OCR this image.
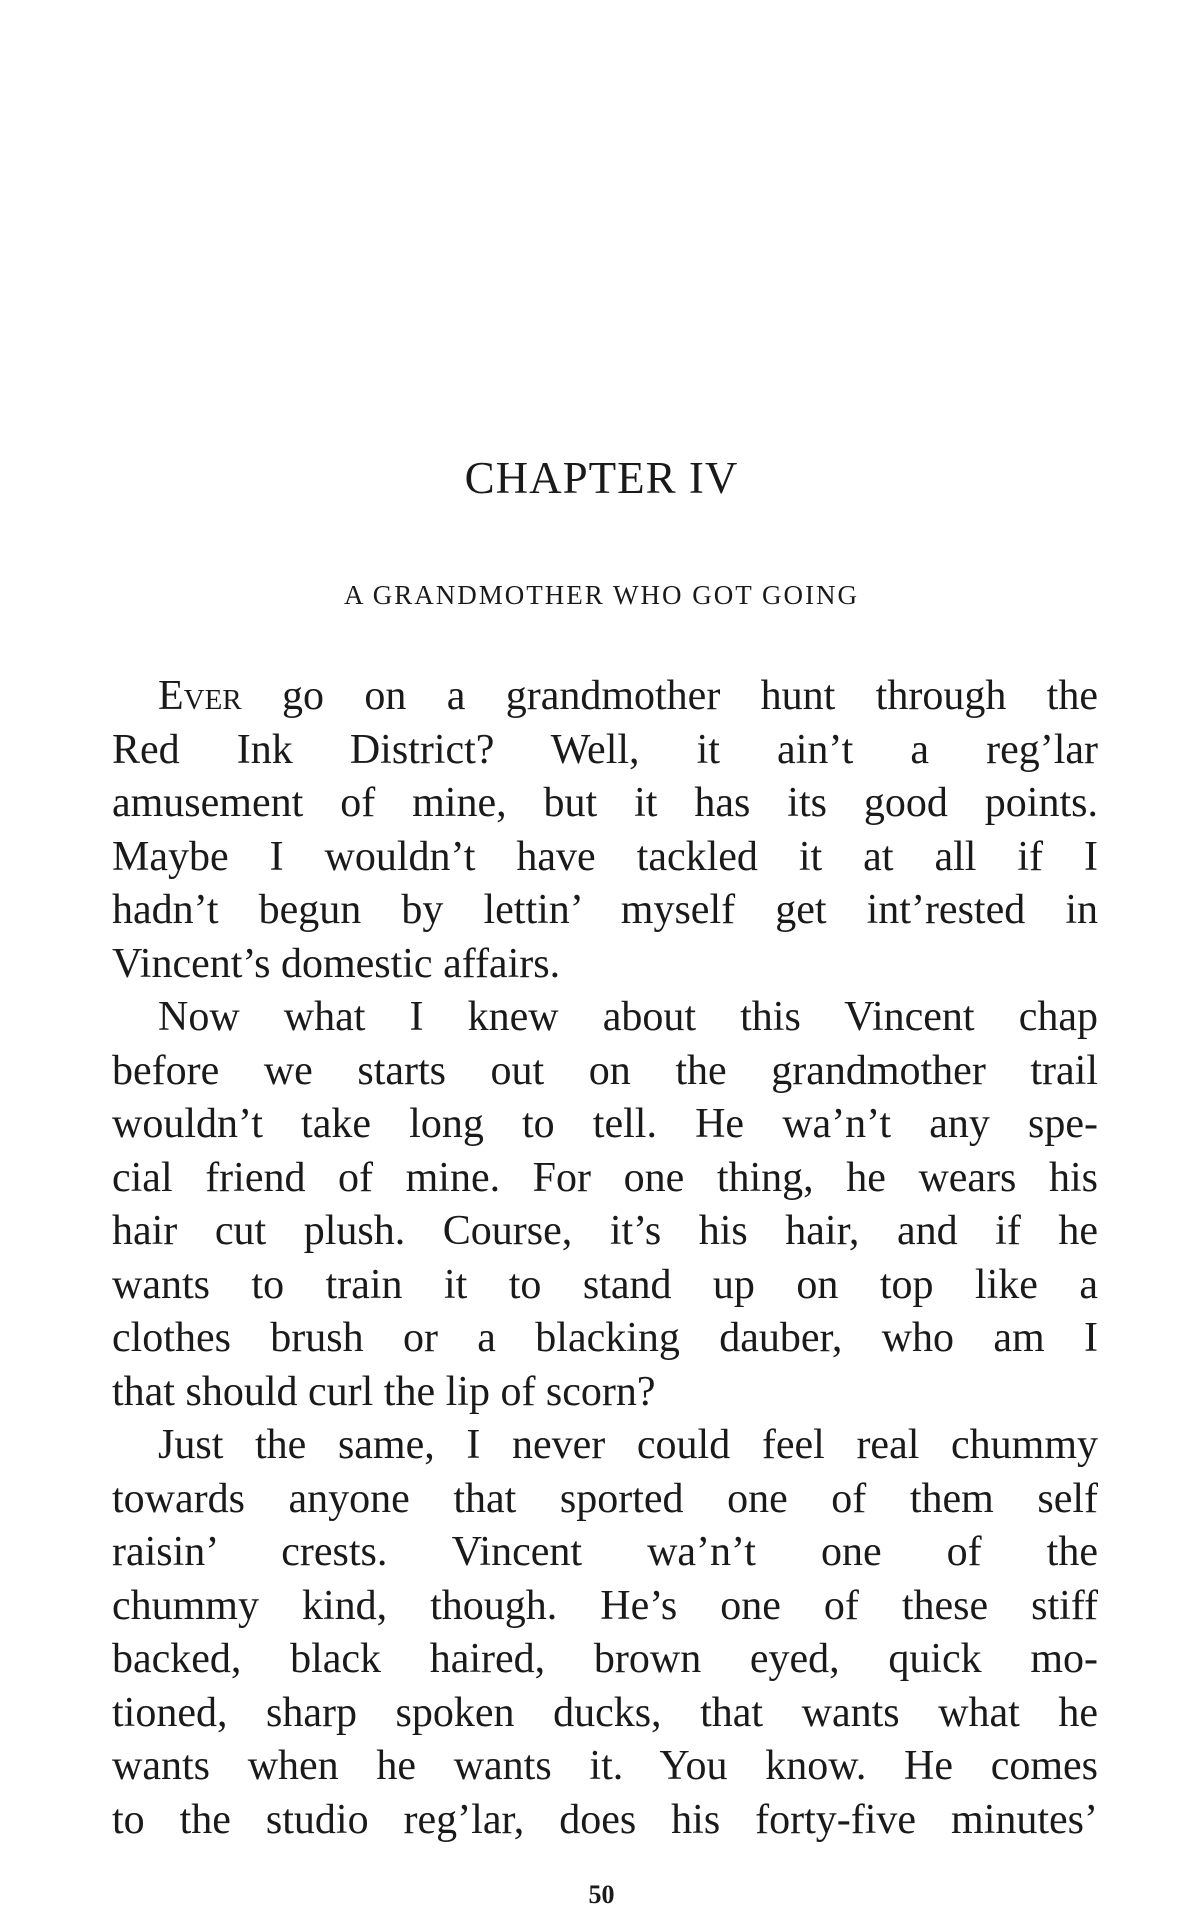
CHAPTER IV
A GRANDMOTHER WHO GOT GOING
Ever go on a grandmother hunt through the
Red Ink District? Well, it ain’t a reg’lar
amusement of mine, but it has its good points.
Maybe I wouldn’t have tackled it at all if I
hadn’t begun by lettin’ myself get int’rested in
Vincent’s domestic affairs.
Now what I knew about this Vincent chap
before we starts out on the grandmother trail
wouldn’t take long to tell. He wa’n’t any spe-
cial friend of mine. For one thing, he wears his
hair cut plush. Course, it’s his hair, and if he
wants to train it to stand up on top like a
clothes brush or a blacking dauber, who am I
that should curl the lip of scorn?
Just the same, I never could feel real chummy
towards anyone that sported one of them self
raisin’ crests. Vincent wa’n’t one of the
chummy kind, though. He’s one of these stiff
backed, black haired, brown eyed, quick mo-
tioned, sharp spoken ducks, that wants what he
wants when he wants it. You know. He comes
to the studio reg’lar, does his forty-five minutes’
50
